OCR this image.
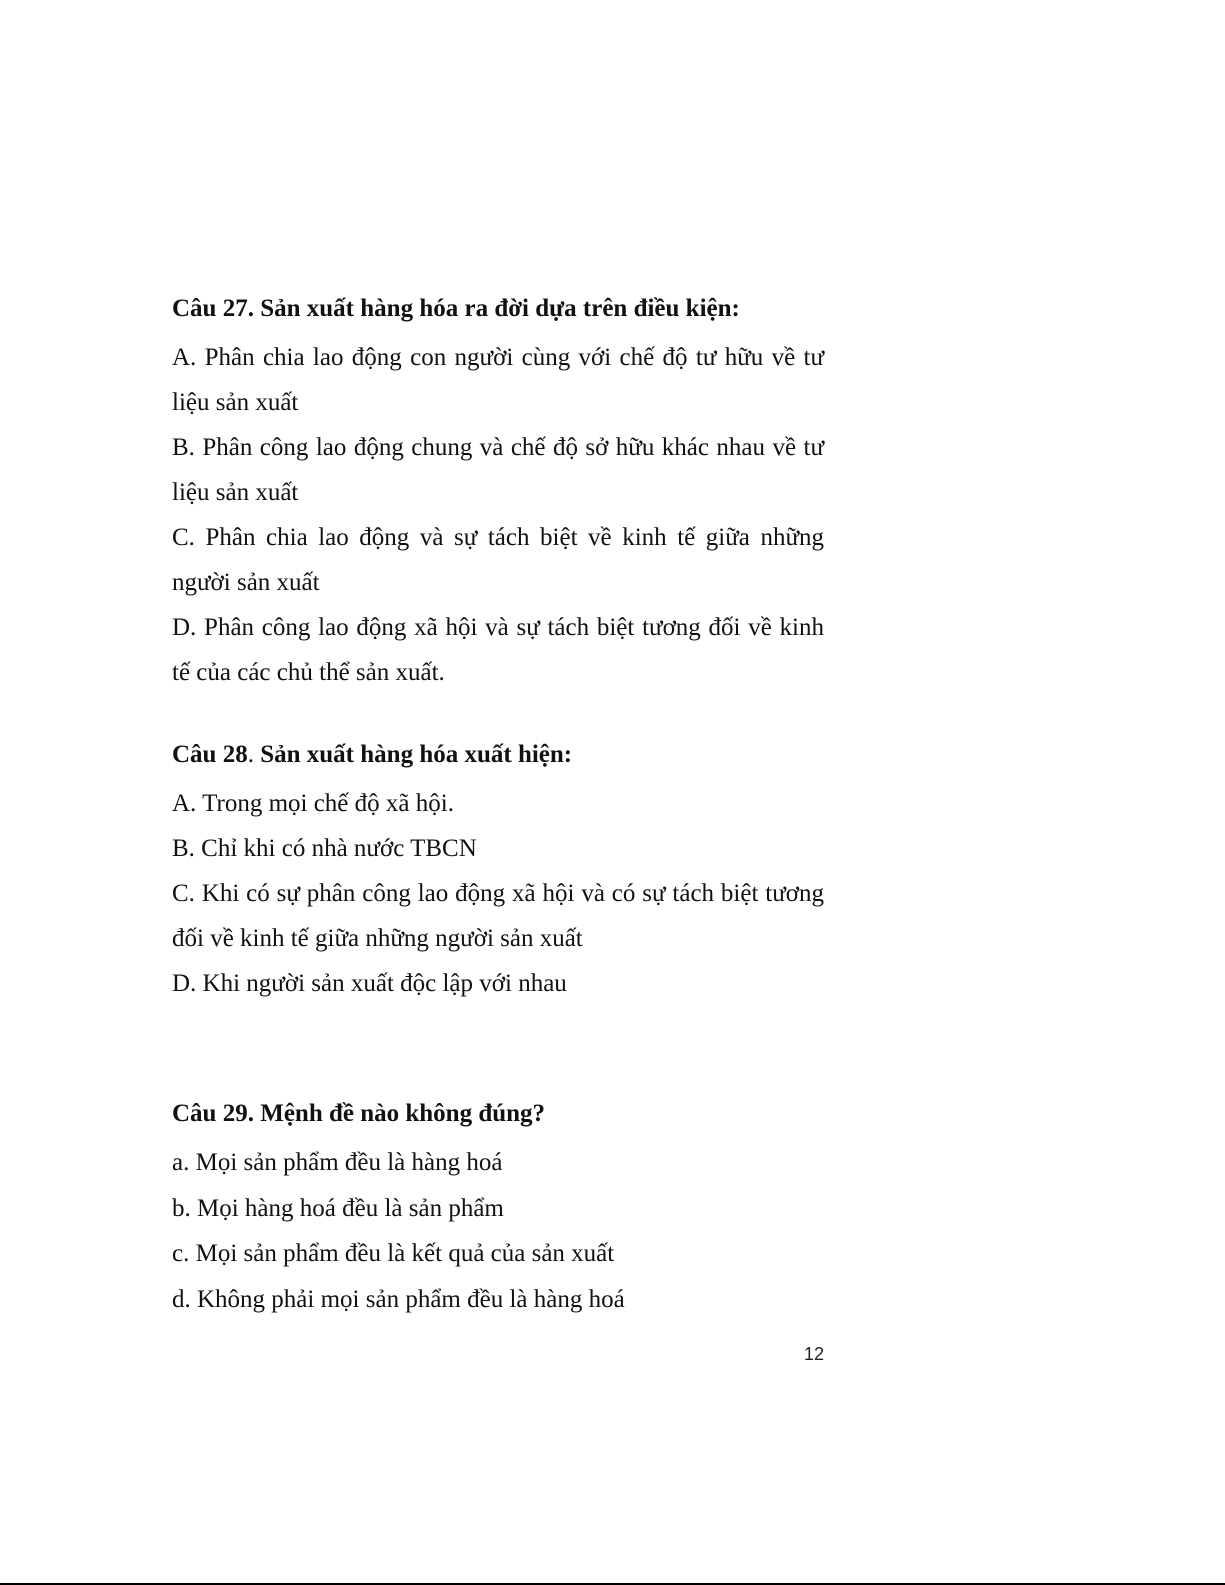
Câu 27. Sản xuất hàng hóa ra đời dựa trên điều kiện:

A. Phân chia lao động con người cùng với chế độ tư hữu về tư liệu sản xuất

B. Phân công lao động chung và chế độ sở hữu khác nhau về tư liệu sản xuất

C. Phân chia lao động và sự tách biệt về kinh tế giữa những người sản xuất

D. Phân công lao động xã hội và sự tách biệt tương đối về kinh tế của các chủ thể sản xuất.

Câu 28. Sản xuất hàng hóa xuất hiện:

A. Trong mọi chế độ xã hội.

B. Chỉ khi có nhà nước TBCN

C. Khi có sự phân công lao động xã hội và có sự tách biệt tương đối về kinh tế giữa những người sản xuất

D. Khi người sản xuất độc lập với nhau

Câu 29. Mệnh đề nào không đúng?

a. Mọi sản phẩm đều là hàng hoá

b. Mọi hàng hoá đều là sản phẩm

c. Mọi sản phẩm đều là kết quả của sản xuất

d. Không phải mọi sản phẩm đều là hàng hoá

12
